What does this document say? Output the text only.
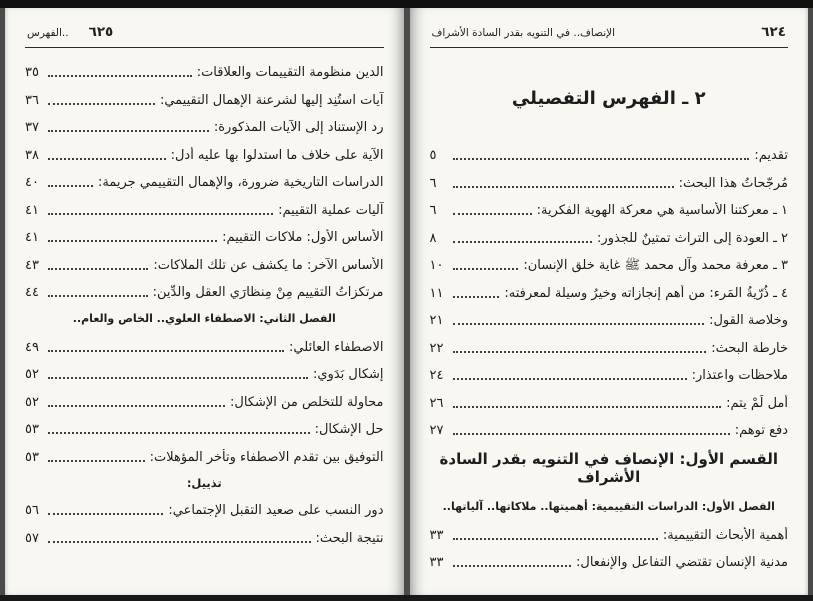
الفهرس.. ٦٢٥
الدين منظومة التقييمات والعلاقات:
٣٥
آيات استُنِد إليها لشرعنة الإهمال التقييمي:
٣٦
رد الإستناد إلى الآيات المذكورة:
٣٧
الآية على خلاف ما استدلوا بها عليه أدل:
٣٨
الدراسات التاريخية ضرورة، والإهمال التقييمي جريمة:
٤٠
آليات عملية التقييم:
٤١
الأساس الأول: ملاكات التقييم:
٤١
الأساس الآخر: ما يكشف عن تلك الملاكات:
٤٣
مرتكزاتُ التقييم مِنْ مِنظارَي العقل والدِّين:
٤٤
الفصل الثاني: الاصطفاء العلوي.. الخاص والعام..
الاصطفاء العائلي:
٤٩
إشكال بَدَوي:
٥٢
محاولة للتخلص من الإشكال:
٥٢
حل الإشكال:
٥٣
التوفيق بين تقدم الاصطفاء وتأخر المؤهلات:
٥٣
تذييل:
دور النسب على صعيد التقبل الإجتماعي:
٥٦
نتيجة البحث:
٥٧
الإنصاف.. في التنويه بقدر السادة الأشراف	٦٢٤
٢ ـ الفهرس التفصيلي
تقديم:
٥
مُرجّحاتُ هذا البحث:
٦
١ ـ معركتنا الأساسية هي معركة الهوية الفكرية:
٦
٢ ـ العودة إلى التراث تمتينٌ للجذور:
٨
٣ ـ معرفة محمد وآل محمد ﷺ غاية خلق الإنسان:
١٠
٤ ـ ذُرّيةُ المَرء: من أهم إنجازاته وخيرُ وسيلة لمعرفته:
١١
وخلاصة القول:
٢١
خارطة البحث:
٢٢
ملاحظات واعتذار:
٢٤
أمل لَمْ يتم:
٢٦
دفع توهم:
٢٧
القسم الأول: الإنصاف في التنويه بقدر السادة الأشراف
الفصل الأول: الدراسات التقييمية: أهميتها.. ملاكاتها.. آلياتها..
أهمية الأبحاث التقييمية:
٣٣
مدنية الإنسان تقتضي التفاعل والإنفعال:
٣٣
